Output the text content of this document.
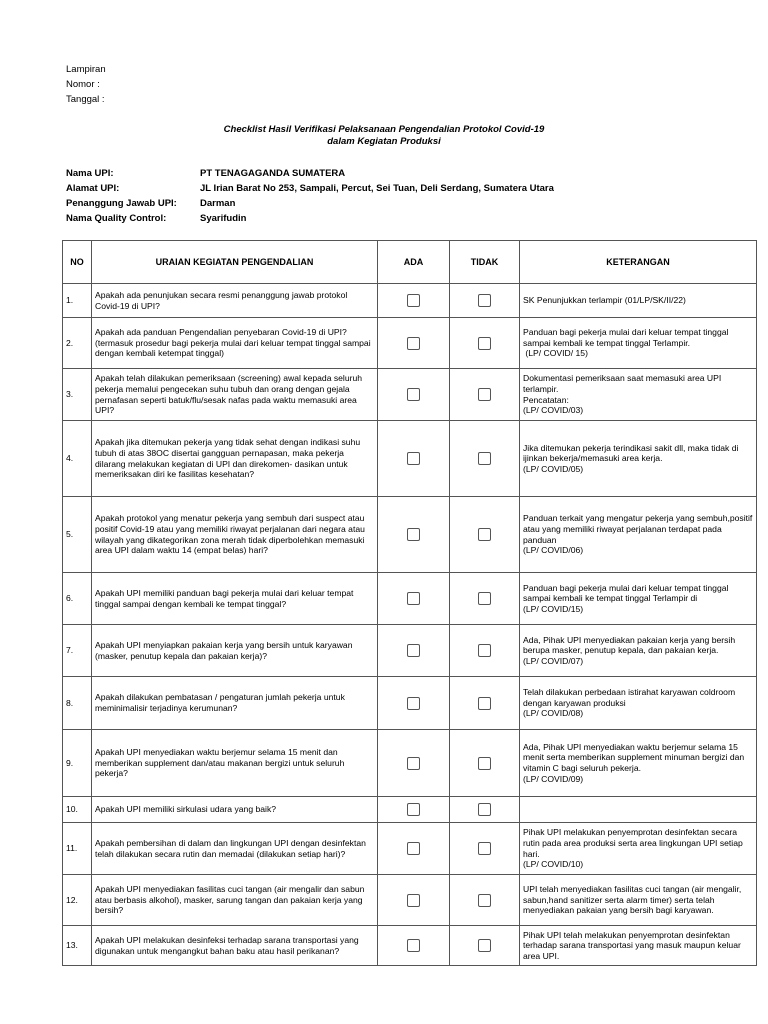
Lampiran
Nomor :
Tanggal :
Checklist Hasil Verifikasi Pelaksanaan Pengendalian Protokol Covid-19
dalam Kegiatan Produksi
Nama UPI:	PT TENAGAGANDA SUMATERA
Alamat UPI:	JL Irian Barat No 253, Sampali, Percut, Sei Tuan, Deli Serdang, Sumatera Utara
Penanggung Jawab UPI:	Darman
Nama Quality Control:	Syarifudin
NO	URAIAN KEGIATAN PENGENDALIAN	ADA	TIDAK	KETERANGAN
1.	Apakah ada penunjukan secara resmi penanggung jawab protokol Covid-19 di UPI?			SK Penunjukkan terlampir (01/LP/SK/II/22)

2.	Apakah ada panduan Pengendalian penyebaran Covid-19 di UPI? (termasuk prosedur bagi pekerja mulai dari keluar tempat tinggal sampai dengan kembali ketempat tinggal)			Panduan bagi pekerja mulai dari keluar tempat tinggal sampai kembali ke tempat tinggal Terlampir.
(LP/ COVID/ 15)

3.	Apakah telah dilakukan pemeriksaan (screening) awal kepada seluruh pekerja memalui pengecekan suhu tubuh dan orang dengan gejala pernafasan seperti batuk/flu/sesak nafas pada waktu memasuki area UPI?			Dokumentasi pemeriksaan saat memasuki area UPI terlampir.
Pencatatan:
(LP/ COVID/03)

4.	Apakah jika ditemukan pekerja yang tidak sehat dengan indikasi suhu tubuh di atas 38OC disertai gangguan pernapasan, maka pekerja dilarang melakukan kegiatan di UPI dan direkomen- dasikan untuk memeriksakan diri ke fasilitas kesehatan?			Jika ditemukan pekerja terindikasi sakit dll, maka tidak di ijinkan bekerja/memasuki area kerja.
(LP/ COVID/05)

5.	Apakah protokol yang menatur pekerja yang sembuh dari suspect atau positif Covid-19 atau yang memiliki riwayat perjalanan dari negara atau wilayah yang dikategorikan zona merah tidak diperbolehkan memasuki area UPI dalam waktu 14 (empat belas) hari?			Panduan terkait yang mengatur pekerja yang sembuh,positif atau yang memiliki riwayat perjalanan terdapat pada panduan
(LP/ COVID/06)

6.	Apakah UPI memiliki panduan bagi pekerja mulai dari keluar tempat tinggal sampai dengan kembali ke tempat tinggal?			Panduan bagi pekerja mulai dari keluar tempat tinggal sampai kembali ke tempat tinggal Terlampir di
(LP/ COVID/15)

7.	Apakah UPI menyiapkan pakaian kerja yang bersih untuk karyawan (masker, penutup kepala dan pakaian kerja)?			Ada, Pihak UPI menyediakan pakaian kerja yang bersih berupa masker, penutup kepala, dan pakaian kerja.
(LP/ COVID/07)

8.	Apakah dilakukan pembatasan / pengaturan jumlah pekerja untuk meminimalisir terjadinya kerumunan?			Telah dilakukan perbedaan istirahat karyawan coldroom dengan karyawan produksi
(LP/ COVID/08)

9.	Apakah UPI menyediakan waktu berjemur selama 15 menit dan memberikan supplement dan/atau makanan bergizi untuk seluruh pekerja?			Ada, Pihak UPI menyediakan waktu berjemur selama 15 menit serta memberikan supplement minuman bergizi dan vitamin C bagi seluruh pekerja.
(LP/ COVID/09)

10.	Apakah UPI memiliki sirkulasi udara yang baik?			

11.	Apakah pembersihan di dalam dan lingkungan UPI dengan desinfektan telah dilakukan secara rutin dan memadai (dilakukan setiap hari)?			Pihak UPI melakukan penyemprotan desinfektan secara rutin pada area produksi serta area lingkungan UPI setiap hari.
(LP/ COVID/10)

12.	Apakah UPI menyediakan fasilitas cuci tangan (air mengalir dan sabun atau berbasis alkohol), masker, sarung tangan dan pakaian kerja yang bersih?			UPI telah menyediakan fasilitas cuci tangan (air mengalir, sabun,hand sanitizer serta alarm timer) serta telah menyediakan pakaian yang bersih bagi karyawan.

13.	Apakah UPI melakukan desinfeksi terhadap sarana transportasi yang digunakan untuk mengangkut bahan baku atau hasil perikanan?			Pihak UPI telah melakukan penyemprotan desinfektan terhadap sarana transportasi yang masuk maupun keluar area UPI.
